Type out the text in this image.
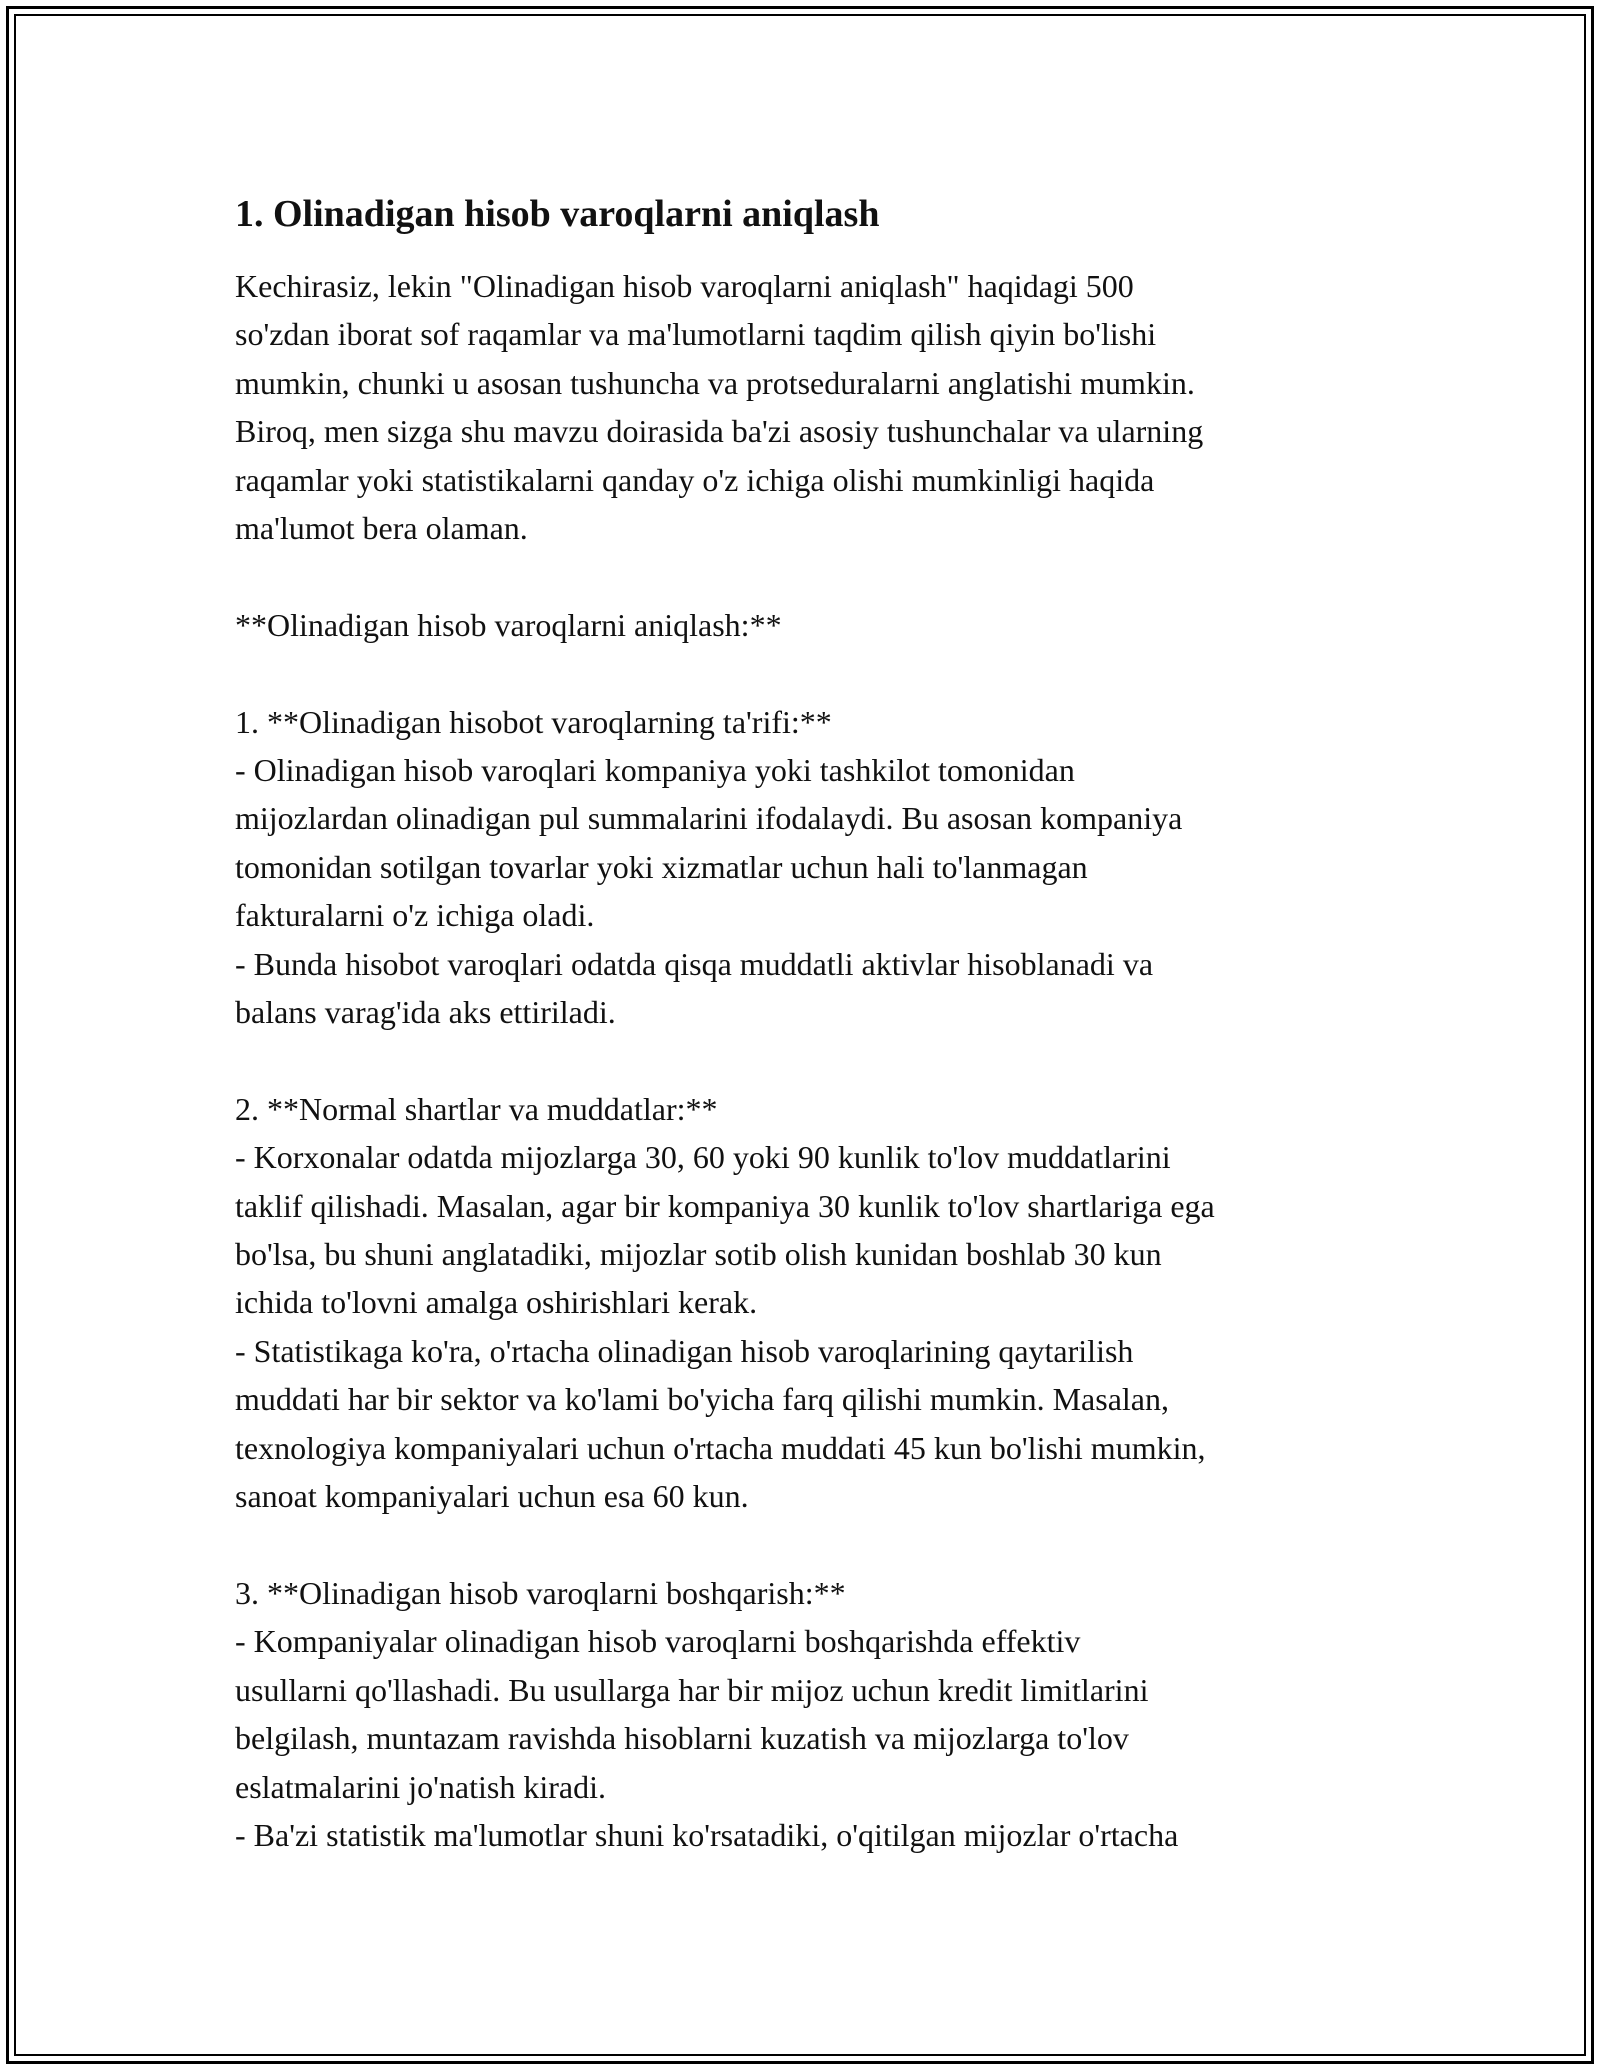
1. Olinadigan hisob varoqlarni aniqlash

Kechirasiz, lekin "Olinadigan hisob varoqlarni aniqlash" haqidagi 500
so'zdan iborat sof raqamlar va ma'lumotlarni taqdim qilish qiyin bo'lishi
mumkin, chunki u asosan tushuncha va protseduralarni anglatishi mumkin.
Biroq, men sizga shu mavzu doirasida ba'zi asosiy tushunchalar va ularning
raqamlar yoki statistikalarni qanday o'z ichiga olishi mumkinligi haqida
ma'lumot bera olaman.

**Olinadigan hisob varoqlarni aniqlash:**

1. **Olinadigan hisobot varoqlarning ta'rifi:**
- Olinadigan hisob varoqlari kompaniya yoki tashkilot tomonidan
mijozlardan olinadigan pul summalarini ifodalaydi. Bu asosan kompaniya
tomonidan sotilgan tovarlar yoki xizmatlar uchun hali to'lanmagan
fakturalarni o'z ichiga oladi.
- Bunda hisobot varoqlari odatda qisqa muddatli aktivlar hisoblanadi va
balans varag'ida aks ettiriladi.

2. **Normal shartlar va muddatlar:**
- Korxonalar odatda mijozlarga 30, 60 yoki 90 kunlik to'lov muddatlarini
taklif qilishadi. Masalan, agar bir kompaniya 30 kunlik to'lov shartlariga ega
bo'lsa, bu shuni anglatadiki, mijozlar sotib olish kunidan boshlab 30 kun
ichida to'lovni amalga oshirishlari kerak.
- Statistikaga ko'ra, o'rtacha olinadigan hisob varoqlarining qaytarilish
muddati har bir sektor va ko'lami bo'yicha farq qilishi mumkin. Masalan,
texnologiya kompaniyalari uchun o'rtacha muddati 45 kun bo'lishi mumkin,
sanoat kompaniyalari uchun esa 60 kun.

3. **Olinadigan hisob varoqlarni boshqarish:**
- Kompaniyalar olinadigan hisob varoqlarni boshqarishda effektiv
usullarni qo'llashadi. Bu usullarga har bir mijoz uchun kredit limitlarini
belgilash, muntazam ravishda hisoblarni kuzatish va mijozlarga to'lov
eslatmalarini jo'natish kiradi.
- Ba'zi statistik ma'lumotlar shuni ko'rsatadiki, o'qitilgan mijozlar o'rtacha
